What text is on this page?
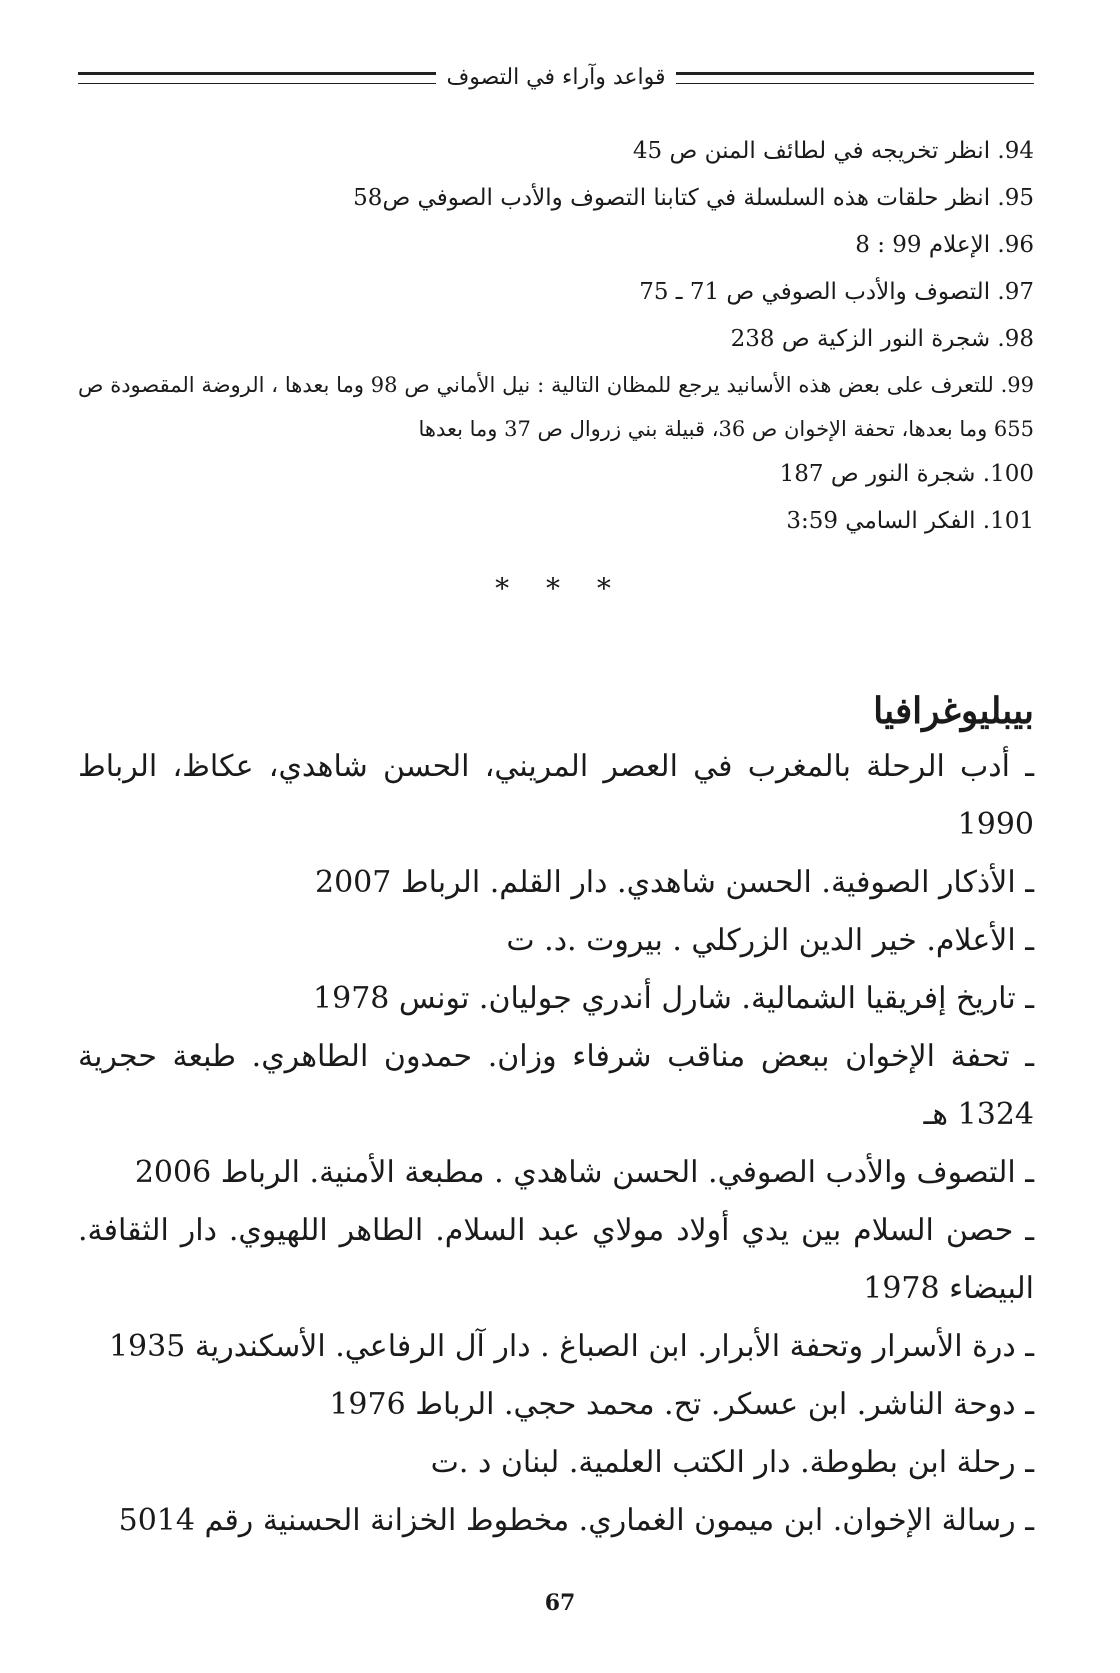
قواعد وآراء في التصوف
94. انظر تخريجه في لطائف المنن ص 45
95. انظر حلقات هذه السلسلة في كتابنا التصوف والأدب الصوفي ص58
96. الإعلام 99 : 8
97. التصوف والأدب الصوفي ص 71 ـ 75
98. شجرة النور الزكية ص 238
99. للتعرف على بعض هذه الأسانيد يرجع للمظان التالية : نيل الأماني ص 98 وما بعدها ، الروضة المقصودة ص 655 وما بعدها، تحفة الإخوان ص 36، قبيلة بني زروال ص 37 وما بعدها
100. شجرة النور ص 187
101. الفكر السامي 3:59
* * *
بيبليوغرافيا
ـ أدب الرحلة بالمغرب في العصر المريني، الحسن شاهدي، عكاظ، الرباط 1990
ـ الأذكار الصوفية. الحسن شاهدي. دار القلم. الرباط 2007
ـ الأعلام. خير الدين الزركلي . بيروت .د. ت
ـ تاريخ إفريقيا الشمالية. شارل أندري جوليان. تونس 1978
ـ تحفة الإخوان ببعض مناقب شرفاء وزان. حمدون الطاهري. طبعة حجرية 1324 هـ
ـ التصوف والأدب الصوفي. الحسن شاهدي . مطبعة الأمنية. الرباط 2006
ـ حصن السلام بين يدي أولاد مولاي عبد السلام. الطاهر اللهيوي. دار الثقافة. البيضاء 1978
ـ درة الأسرار وتحفة الأبرار. ابن الصباغ . دار آل الرفاعي. الأسكندرية 1935
ـ دوحة الناشر. ابن عسكر. تح. محمد حجي. الرباط 1976
ـ رحلة ابن بطوطة. دار الكتب العلمية. لبنان د .ت
ـ رسالة الإخوان. ابن ميمون الغماري. مخطوط الخزانة الحسنية رقم 5014
67
